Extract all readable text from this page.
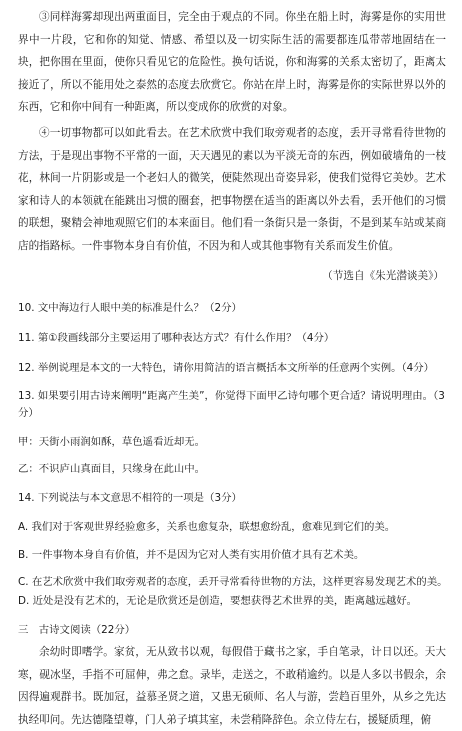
③同样海雾却现出两重面目，完全由于观点的不同。你坐在船上时，海雾是你的实用世界中一片段，它和你的知觉、情感、希望以及一切实际生活的需要都连瓜带蒂地固结在一块，把你围在里面，使你只看见它的危险性。换句话说，你和海雾的关系太密切了，距离太接近了，所以不能用处之泰然的态度去欣赏它。你站在岸上时，海雾是你的实际世界以外的东西，它和你中间有一种距离，所以变成你的欣赏的对象。

④一切事物都可以如此看去。在艺术欣赏中我们取旁观者的态度，丢开寻常看待世物的方法，于是现出事物不平常的一面，天天遇见的素以为平淡无奇的东西，例如破墙角的一枝花，林间一片阴影或是一个老妇人的微笑，便陡然现出奇姿异彩，使我们觉得它美妙。艺术家和诗人的本领就在能跳出习惯的圈套，把事物摆在适当的距离以外去看，丢开他们的习惯的联想，聚精会神地观照它们的本来面目。他们看一条街只是一条街，不是到某车站或某商店的指路标。一件事物本身自有价值，不因为和人或其他事物有关系而发生价值。

（节选自《朱光潜谈美》）

10. 文中海边行人眼中美的标准是什么？（2分）

11. 第①段画线部分主要运用了哪种表达方式？有什么作用？（4分）

12. 举例说理是本文的一大特色，请你用简洁的语言概括本文所举的任意两个实例。（4分）

13. 如果要引用古诗来阐明“距离产生美”，你觉得下面甲乙诗句哪个更合适？请说明理由。（3分）

甲：天街小雨润如酥，草色遥看近却无。

乙：不识庐山真面目，只缘身在此山中。

14. 下列说法与本文意思不相符的一项是（3分）

A. 我们对于客观世界经验愈多，关系也愈复杂，联想愈纷乱，愈难见到它们的美。

B. 一件事物本身自有价值，并不是因为它对人类有实用价值才具有艺术美。

C. 在艺术欣赏中我们取旁观者的态度，丢开寻常看待世物的方法，这样更容易发现艺术的美。

D. 近处是没有艺术的，无论是欣赏还是创造，要想获得艺术世界的美，距离越远越好。

三　古诗文阅读（22分）

余幼时即嗜学。家贫，无从致书以观，每假借于藏书之家，手自笔录，计日以还。天大寒，砚冰坚，手指不可屈伸，弗之怠。录毕，走送之，不敢稍逾约。以是人多以书假余，余因得遍观群书。既加冠，益慕圣贤之道，又患无硕师、名人与游，尝趋百里外，从乡之先达执经叩问。先达德隆望尊，门人弟子填其室，未尝稍降辞色。余立侍左右，援疑质理，俯
